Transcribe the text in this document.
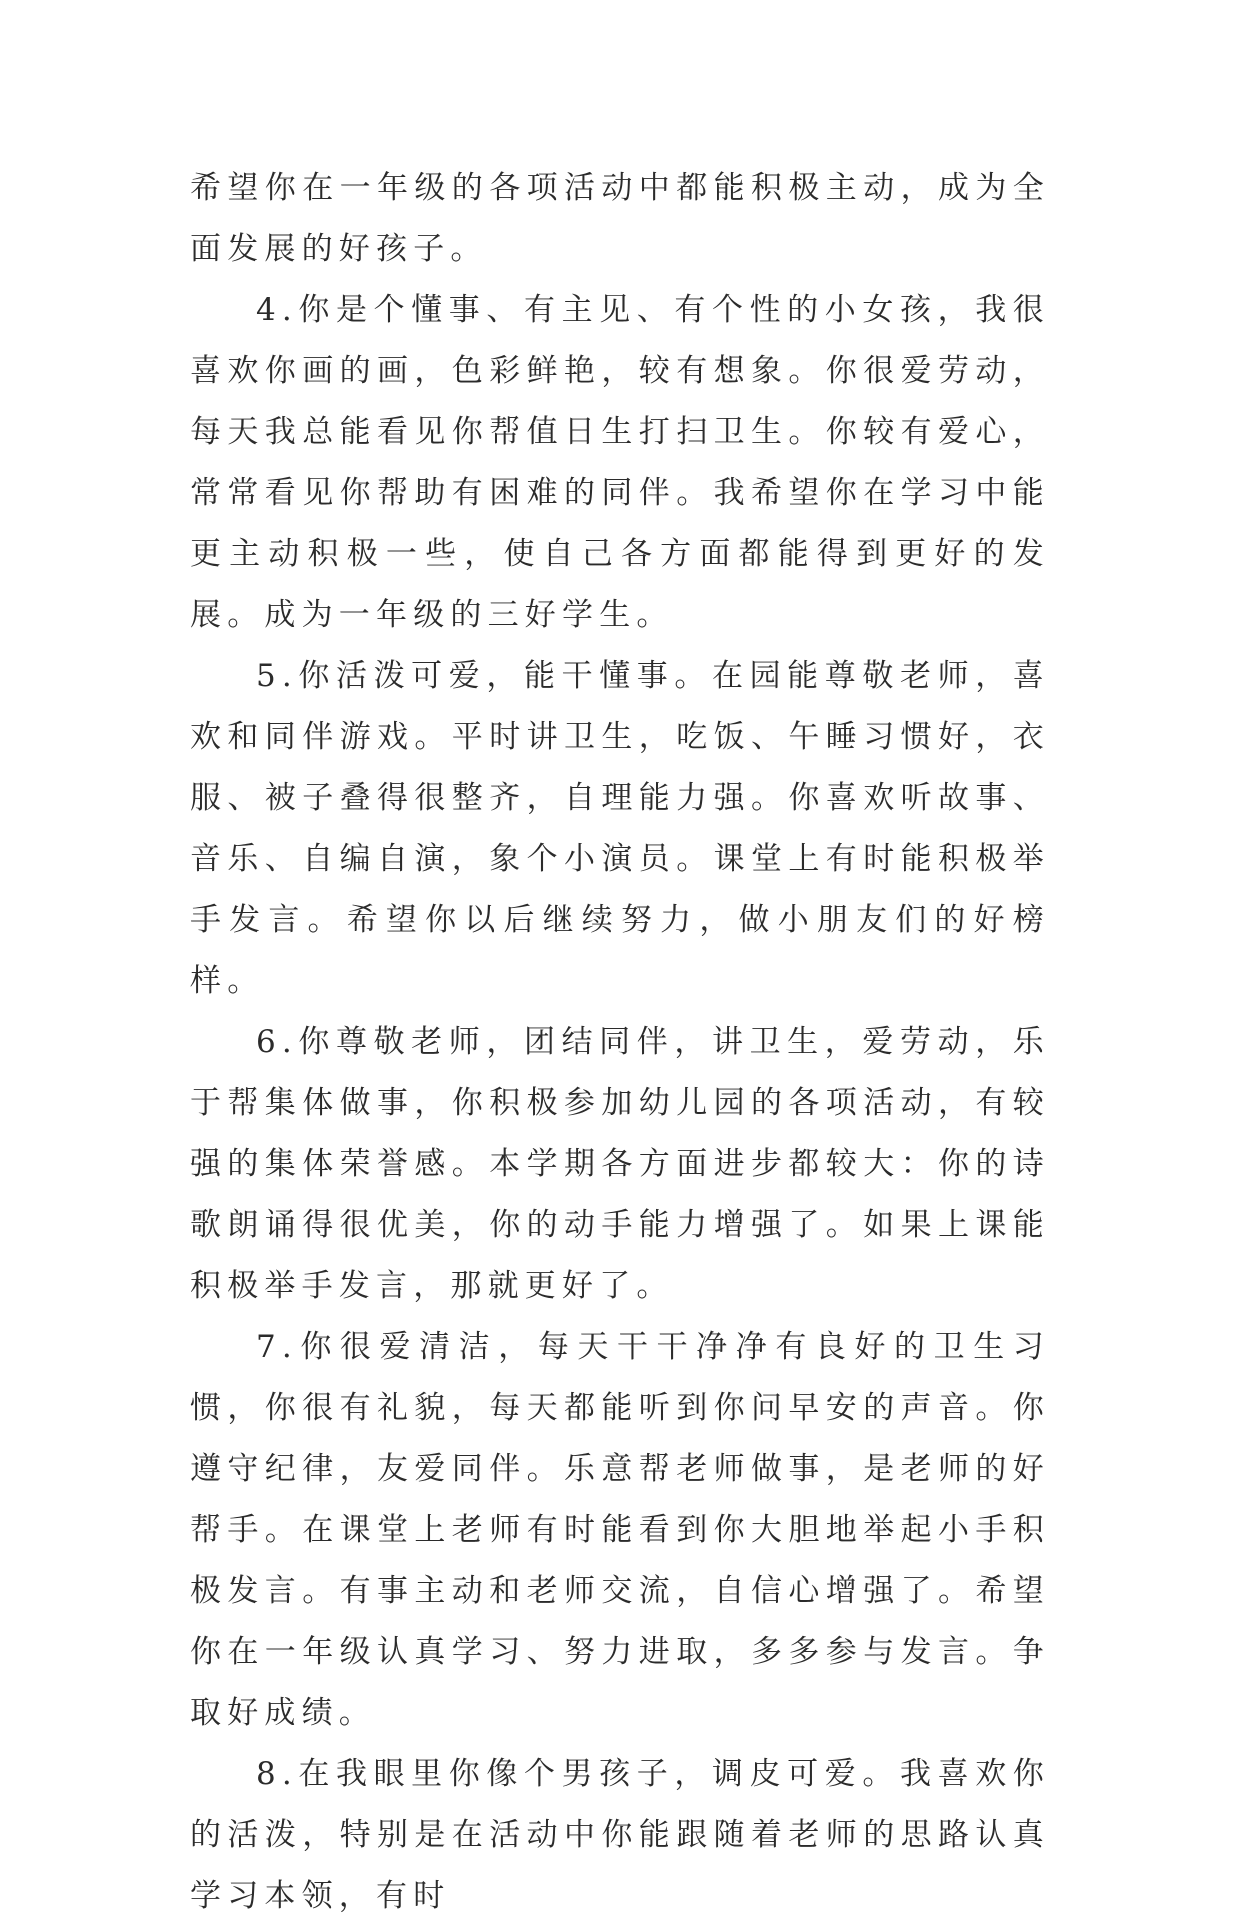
希望你在一年级的各项活动中都能积极主动，成为全面发展的好孩子。

4.你是个懂事、有主见、有个性的小女孩，我很喜欢你画的画，色彩鲜艳，较有想象。你很爱劳动，每天我总能看见你帮值日生打扫卫生。你较有爱心，常常看见你帮助有困难的同伴。我希望你在学习中能更主动积极一些，使自己各方面都能得到更好的发展。成为一年级的三好学生。

5.你活泼可爱，能干懂事。在园能尊敬老师，喜欢和同伴游戏。平时讲卫生，吃饭、午睡习惯好，衣服、被子叠得很整齐，自理能力强。你喜欢听故事、音乐、自编自演，象个小演员。课堂上有时能积极举手发言。希望你以后继续努力，做小朋友们的好榜样。

6.你尊敬老师，团结同伴，讲卫生，爱劳动，乐于帮集体做事，你积极参加幼儿园的各项活动，有较强的集体荣誉感。本学期各方面进步都较大：你的诗歌朗诵得很优美，你的动手能力增强了。如果上课能积极举手发言，那就更好了。

7.你很爱清洁，每天干干净净有良好的卫生习惯，你很有礼貌，每天都能听到你问早安的声音。你遵守纪律，友爱同伴。乐意帮老师做事，是老师的好帮手。在课堂上老师有时能看到你大胆地举起小手积极发言。有事主动和老师交流，自信心增强了。希望你在一年级认真学习、努力进取，多多参与发言。争取好成绩。

8.在我眼里你像个男孩子，调皮可爱。我喜欢你的活泼，特别是在活动中你能跟随着老师的思路认真学习本领，有时
